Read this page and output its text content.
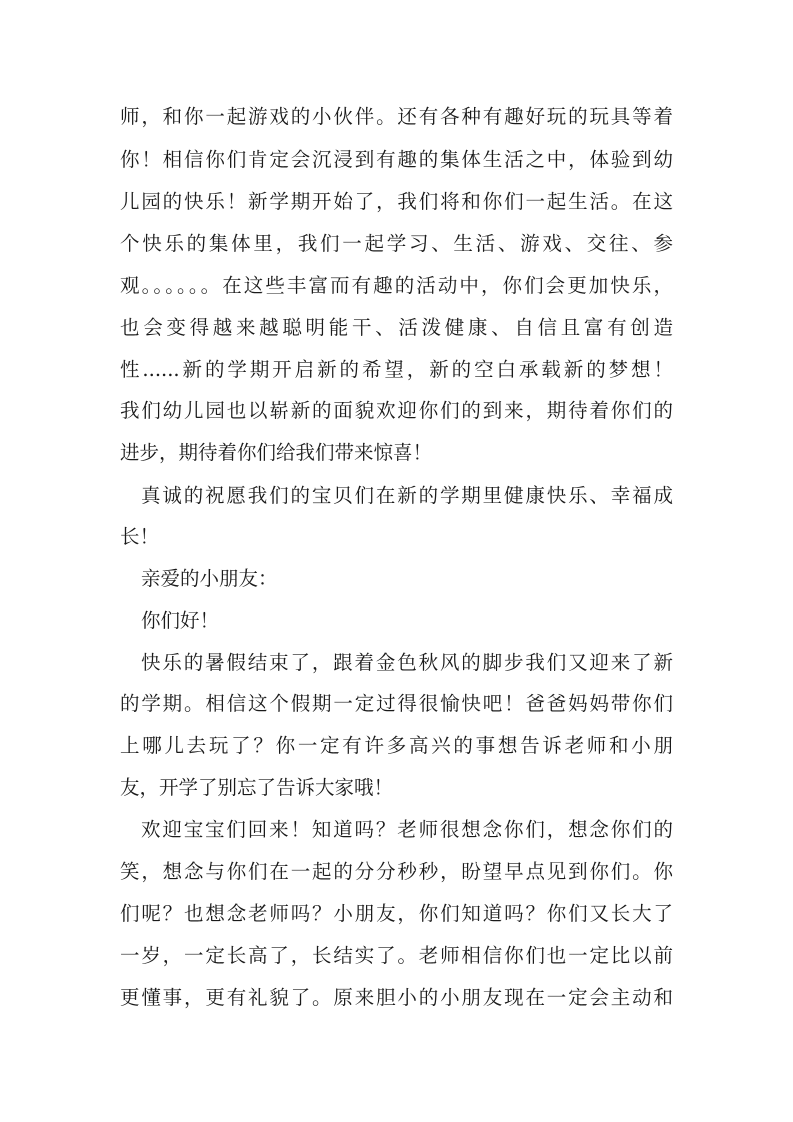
师，和你一起游戏的小伙伴。还有各种有趣好玩的玩具等着
你！相信你们肯定会沉浸到有趣的集体生活之中，体验到幼
儿园的快乐！新学期开始了，我们将和你们一起生活。在这
个快乐的集体里，我们一起学习、生活、游戏、交往、参
观。。。。。。在这些丰富而有趣的活动中，你们会更加快乐，
也会变得越来越聪明能干、活泼健康、自信且富有创造
性......新的学期开启新的希望，新的空白承载新的梦想！
我们幼儿园也以崭新的面貌欢迎你们的到来，期待着你们的
进步，期待着你们给我们带来惊喜！
真诚的祝愿我们的宝贝们在新的学期里健康快乐、幸福成
长！
亲爱的小朋友：
你们好！
快乐的暑假结束了，跟着金色秋风的脚步我们又迎来了新
的学期。相信这个假期一定过得很愉快吧！爸爸妈妈带你们
上哪儿去玩了？你一定有许多高兴的事想告诉老师和小朋
友，开学了别忘了告诉大家哦！
欢迎宝宝们回来！知道吗？老师很想念你们，想念你们的
笑，想念与你们在一起的分分秒秒，盼望早点见到你们。你
们呢？也想念老师吗？小朋友，你们知道吗？你们又长大了
一岁，一定长高了，长结实了。老师相信你们也一定比以前
更懂事，更有礼貌了。原来胆小的小朋友现在一定会主动和
